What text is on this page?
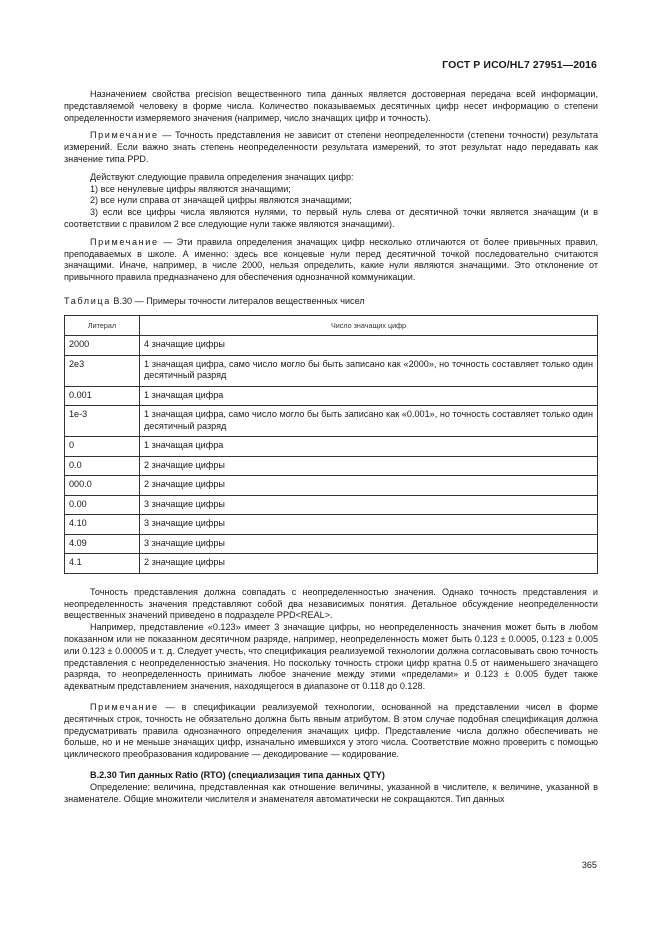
ГОСТ Р ИСО/HL7 27951—2016

Назначением свойства precision вещественного типа данных является достоверная передача всей информации, представляемой человеку в форме числа. Количество показываемых десятичных цифр несет информацию о степени определенности измеряемого значения (например, число значащих цифр и точность).

Примечание — Точность представления не зависит от степени неопределенности (степени точности) результата измерений. Если важно знать степень неопределенности результата измерений, то этот результат надо передавать как значение типа PPD.

Действуют следующие правила определения значащих цифр:

1) все ненулевые цифры являются значащими;

2) все нули справа от значащей цифры являются значащими;

3) если все цифры числа являются нулями, то первый нуль слева от десятичной точки является значащим (и в соответствии с правилом 2 все следующие нули также являются значащими).

Примечание — Эти правила определения значащих цифр несколько отличаются от более привычных правил, преподаваемых в школе. А именно: здесь все концевые нули перед десятичной точкой последовательно считаются значащими. Иначе, например, в числе 2000, нельзя определить, какие нули являются значащими. Это отклонение от привычного правила предназначено для обеспечения однозначной коммуникации.

Таблица В.30 — Примеры точности литералов вещественных чисел

Литерал	Число значащих цифр
2000	4 значащие цифры
2e3	1 значащая цифра, само число могло бы быть записано как «2000», но точность составляет только один десятичный разряд
0.001	1 значащая цифра
1e-3	1 значащая цифра, само число могло бы быть записано как «0.001», но точность составляет только один десятичный разряд
0	1 значащая цифра
0.0	2 значащие цифры
000.0	2 значащие цифры
0.00	3 значащие цифры
4.10	3 значащие цифры
4.09	3 значащие цифры
4.1	2 значащие цифры

Точность представления должна совпадать с неопределенностью значения. Однако точность представления и неопределенность значения представляют собой два независимых понятия. Детальное обсуждение неопределенности вещественных значений приведено в подразделе PPD<REAL>.

Например, представление «0.123» имеет 3 значащие цифры, но неопределенность значения может быть в любом показанном или не показанном десятичном разряде, например, неопределенность может быть 0.123 ± 0.0005, 0.123 ± 0.005 или 0.123 ± 0.00005 и т. д. Следует учесть, что спецификация реализуемой технологии должна согласовывать свою точность представления с неопределенностью значения. Но поскольку точность строки цифр кратна 0.5 от наименьшего значащего разряда, то неопределенность принимать любое значение между этими «пределами» и 0.123 ± 0.005 будет также адекватным представлением значения, находящегося в диапазоне от 0.118 до 0.128.

Примечание — в спецификации реализуемой технологии, основанной на представлении чисел в форме десятичных строк, точность не обязательно должна быть явным атрибутом. В этом случае подобная спецификация должна предусматривать правила однозначного определения значащих цифр. Представление числа должно обеспечивать не больше, но и не меньше значащих цифр, изначально имевшихся у этого числа. Соответствие можно проверить с помощью циклического преобразования кодирование — декодирование — кодирование.

В.2.30 Тип данных Ratio (RTO) (специализация типа данных QTY)

Определение: величина, представленная как отношение величины, указанной в числителе, к величине, указанной в знаменателе. Общие множители числителя и знаменателя автоматически не сокращаются. Тип данных

365
